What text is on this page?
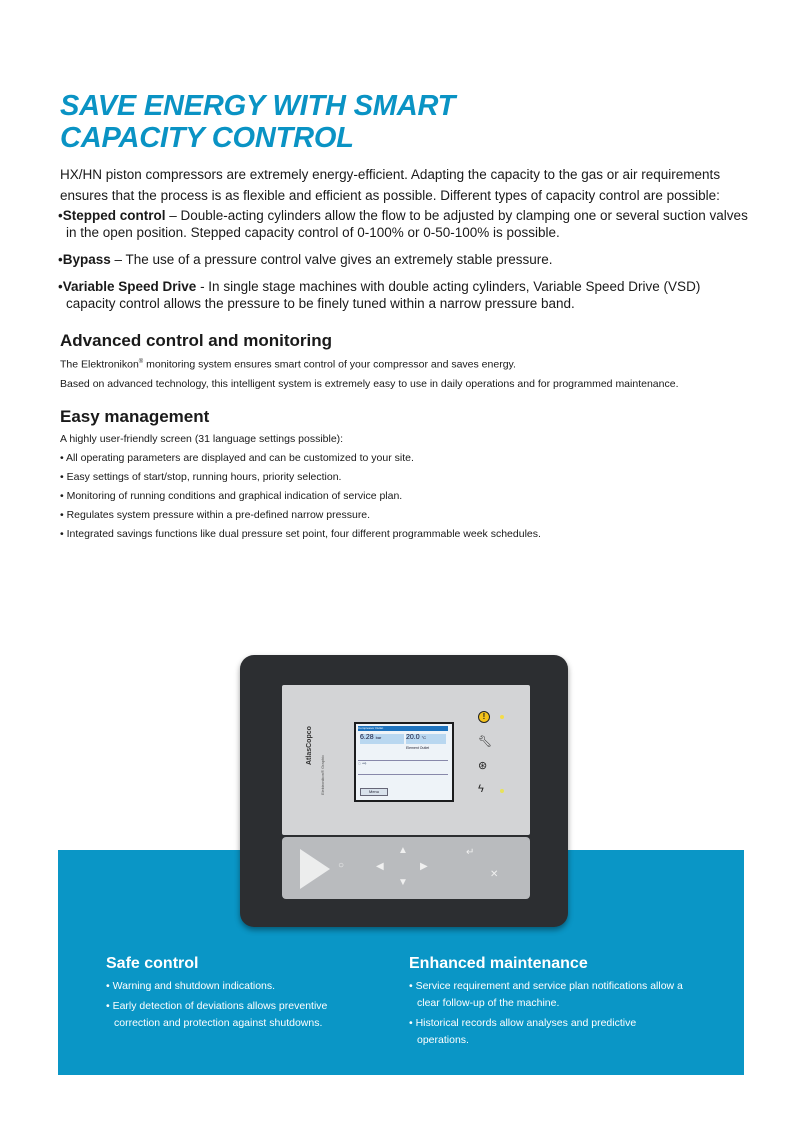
SAVE ENERGY WITH SMART
CAPACITY CONTROL

HX/HN piston compressors are extremely energy-efficient. Adapting the capacity to the gas or air requirements ensures that the process is as flexible and efficient as possible. Different types of capacity control are possible:

• Stepped control – Double-acting cylinders allow the flow to be adjusted by clamping one or several suction valves in the open position. Stepped capacity control of 0-100% or 0-50-100% is possible.
• Bypass – The use of a pressure control valve gives an extremely stable pressure.
• Variable Speed Drive - In single stage machines with double acting cylinders, Variable Speed Drive (VSD) capacity control allows the pressure to be finely tuned within a narrow pressure band.
Advanced control and monitoring

The Elektronikon® monitoring system ensures smart control of your compressor and saves energy.

Based on advanced technology, this intelligent system is extremely easy to use in daily operations and for programmed maintenance.

Easy management

A highly user-friendly screen (31 language settings possible):

• All operating parameters are displayed and can be customized to your site.

• Easy settings of start/stop, running hours, priority selection.

• Monitoring of running conditions and graphical indication of service plan.

• Regulates system pressure within a pre-defined narrow pressure.

• Integrated savings functions like dual pressure set point, four different programmable week schedules.

AtlasCopco
Elektronikon® Graphic
Compressor Outlet
6.28 bar	20.0 °C
Element Outlet
◌ ⇨
Menu
!
🔧︎
⊛
ϟ
○	◀
▲
▼
▶
↵
✕
Safe control
• Warning and shutdown indications.
• Early detection of deviations allows preventive correction and protection against shutdowns.
Enhanced maintenance
• Service requirement and service plan notifications allow a clear follow-up of the machine.
• Historical records allow analyses and predictive operations.
